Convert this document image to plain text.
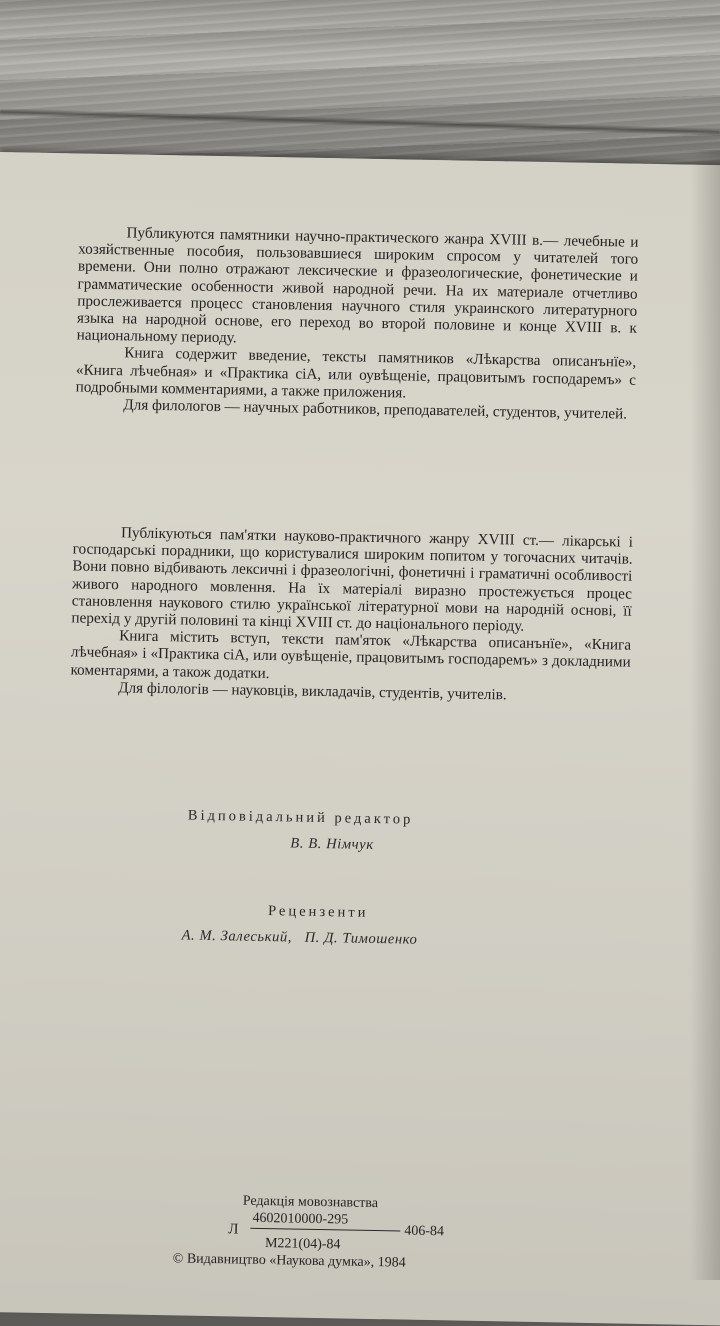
Публикуются памятники научно-практического жанра XVIII в.— лечебные и хозяйственные пособия, пользовавшиеся широким спросом у читателей того времени. Они полно отражают лексические и фразеологические, фонетические и грамматические особенности живой народной речи. На их материале отчетливо прослеживается процесс становления научного стиля украинского литературного языка на народной основе, его переход во второй половине и конце XVIII в. к национальному периоду.

Книга содержит введение, тексты памятников «Лѣкарства описанънїе», «Книга лѣчебная» и «Практика сiA, или оувѣщенiе, працовитымъ господаремъ» с подробными комментариями, а также приложения.

Для филологов — научных работников, преподавателей, студентов, учителей.

Публікуються пам'ятки науково-практичного жанру XVIII ст.— лікарські і господарські порадники, що користувалися широким попитом у тогочасних читачів. Вони повно відбивають лексичні і фразеологічні, фонетичні і граматичні особливості живого народного мовлення. На їх матеріалі виразно простежується процес становлення наукового стилю української літературної мови на народній основі, її перехід у другій половині та кінці XVIII ст. до національного періоду.

Книга містить вступ, тексти пам'яток «Лѣкарства описанънїе», «Книга лѣчебная» і «Практика сiA, или оувѣщенiе, працовитымъ господаремъ» з докладними коментарями, а також додатки.

Для філологів — науковців, викладачів, студентів, учителів.

Відповідальний редактор
В. В. Німчук
Рецензенти
А. М. Залеський,   П. Д. Тимошенко
Редакція мовознавства
4602010000-295
Л	406-84
М221(04)-84
© Видавництво «Наукова думка», 1984
